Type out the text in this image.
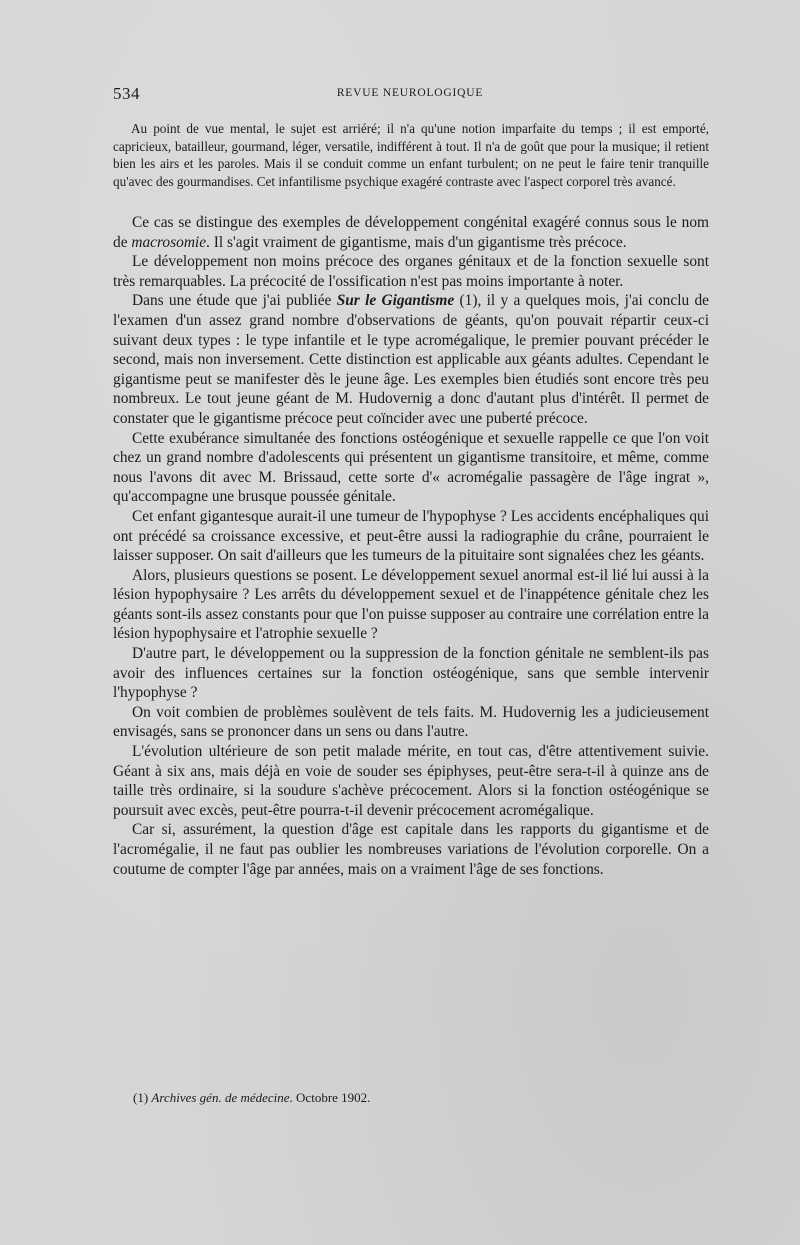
534	REVUE NEUROLOGIQUE

Au point de vue mental, le sujet est arriéré; il n'a qu'une notion imparfaite du temps ; il est emporté, capricieux, batailleur, gourmand, léger, versatile, indifférent à tout. Il n'a de goût que pour la musique; il retient bien les airs et les paroles. Mais il se conduit comme un enfant turbulent; on ne peut le faire tenir tranquille qu'avec des gourmandises. Cet infantilisme psychique exagéré contraste avec l'aspect corporel très avancé.

Ce cas se distingue des exemples de développement congénital exagéré connus sous le nom de macrosomie. Il s'agit vraiment de gigantisme, mais d'un gigantisme très précoce.

Le développement non moins précoce des organes génitaux et de la fonction sexuelle sont très remarquables. La précocité de l'ossification n'est pas moins importante à noter.

Dans une étude que j'ai publiée Sur le Gigantisme (1), il y a quelques mois, j'ai conclu de l'examen d'un assez grand nombre d'observations de géants, qu'on pouvait répartir ceux-ci suivant deux types : le type infantile et le type acromégalique, le premier pouvant précéder le second, mais non inversement. Cette distinction est applicable aux géants adultes. Cependant le gigantisme peut se manifester dès le jeune âge. Les exemples bien étudiés sont encore très peu nombreux. Le tout jeune géant de M. Hudovernig a donc d'autant plus d'intérêt. Il permet de constater que le gigantisme précoce peut coïncider avec une puberté précoce.

Cette exubérance simultanée des fonctions ostéogénique et sexuelle rappelle ce que l'on voit chez un grand nombre d'adolescents qui présentent un gigantisme transitoire, et même, comme nous l'avons dit avec M. Brissaud, cette sorte d'« acromégalie passagère de l'âge ingrat », qu'accompagne une brusque poussée génitale.

Cet enfant gigantesque aurait-il une tumeur de l'hypophyse ? Les accidents encéphaliques qui ont précédé sa croissance excessive, et peut-être aussi la radiographie du crâne, pourraient le laisser supposer. On sait d'ailleurs que les tumeurs de la pituitaire sont signalées chez les géants.

Alors, plusieurs questions se posent. Le développement sexuel anormal est-il lié lui aussi à la lésion hypophysaire ? Les arrêts du développement sexuel et de l'inappétence génitale chez les géants sont-ils assez constants pour que l'on puisse supposer au contraire une corrélation entre la lésion hypophysaire et l'atrophie sexuelle ?

D'autre part, le développement ou la suppression de la fonction génitale ne semblent-ils pas avoir des influences certaines sur la fonction ostéogénique, sans que semble intervenir l'hypophyse ?

On voit combien de problèmes soulèvent de tels faits. M. Hudovernig les a judicieusement envisagés, sans se prononcer dans un sens ou dans l'autre.

L'évolution ultérieure de son petit malade mérite, en tout cas, d'être attentivement suivie. Géant à six ans, mais déjà en voie de souder ses épiphyses, peut-être sera-t-il à quinze ans de taille très ordinaire, si la soudure s'achève précocement. Alors si la fonction ostéogénique se poursuit avec excès, peut-être pourra-t-il devenir précocement acromégalique.

Car si, assurément, la question d'âge est capitale dans les rapports du gigantisme et de l'acromégalie, il ne faut pas oublier les nombreuses variations de l'évolution corporelle. On a coutume de compter l'âge par années, mais on a vraiment l'âge de ses fonctions.

(1) Archives gén. de médecine. Octobre 1902.
